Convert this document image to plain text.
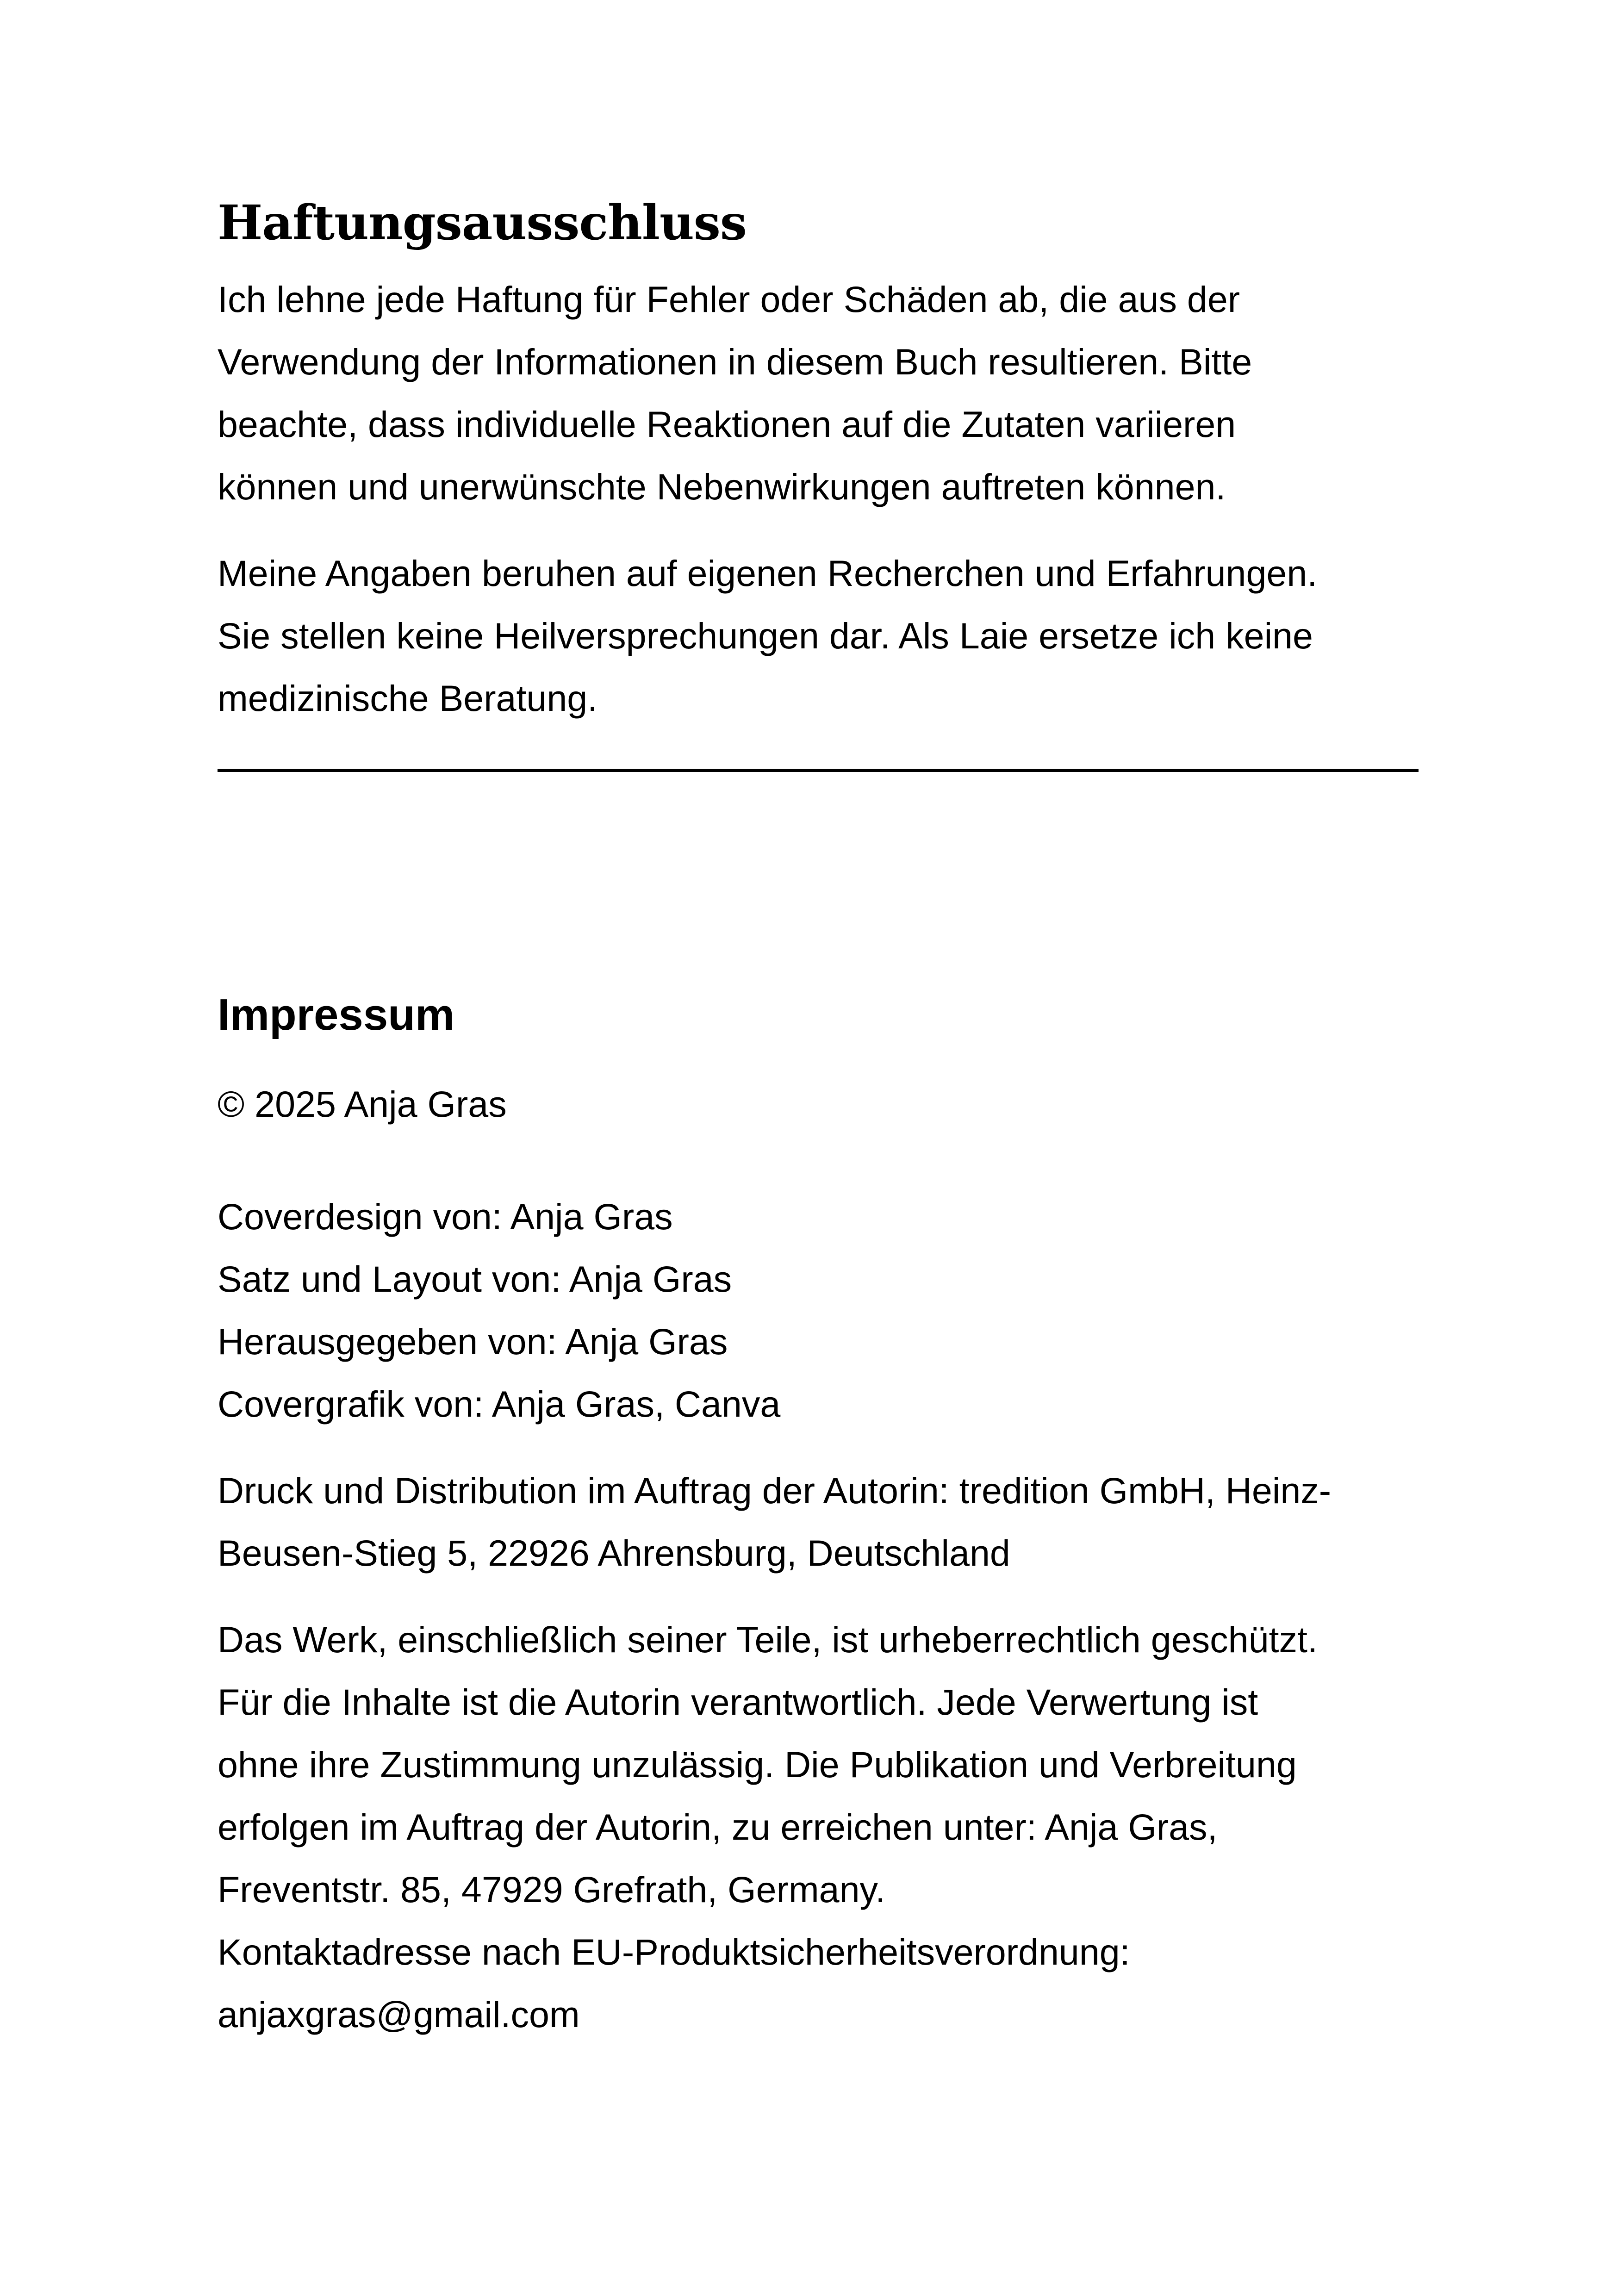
Haftungsausschluss
Ich lehne jede Haftung für Fehler oder Schäden ab, die aus der
Verwendung der Informationen in diesem Buch resultieren. Bitte
beachte, dass individuelle Reaktionen auf die Zutaten variieren
können und unerwünschte Nebenwirkungen auftreten können.
Meine Angaben beruhen auf eigenen Recherchen und Erfahrungen.
Sie stellen keine Heilversprechungen dar. Als Laie ersetze ich keine
medizinische Beratung.
Impressum
© 2025 Anja Gras
Coverdesign von: Anja Gras
Satz und Layout von: Anja Gras
Herausgegeben von: Anja Gras
Covergrafik von: Anja Gras, Canva
Druck und Distribution im Auftrag der Autorin: tredition GmbH, Heinz-
Beusen-Stieg 5, 22926 Ahrensburg, Deutschland
Das Werk, einschließlich seiner Teile, ist urheberrechtlich geschützt.
Für die Inhalte ist die Autorin verantwortlich. Jede Verwertung ist
ohne ihre Zustimmung unzulässig. Die Publikation und Verbreitung
erfolgen im Auftrag der Autorin, zu erreichen unter: Anja Gras,
Freventstr. 85, 47929 Grefrath, Germany.
Kontaktadresse nach EU-Produktsicherheitsverordnung:
anjaxgras@gmail.com
